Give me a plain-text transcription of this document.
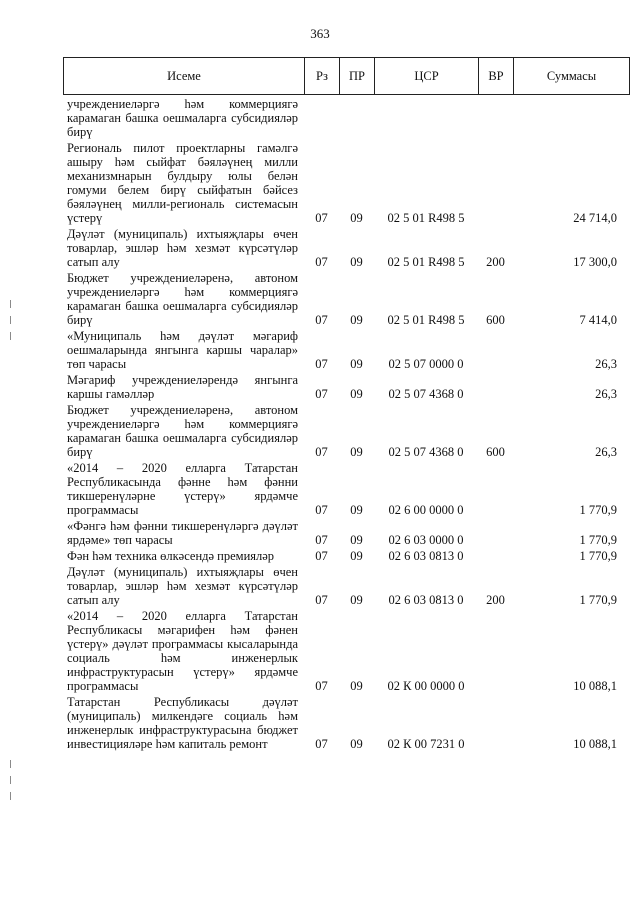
363
Исеме	Рз	ПР	ЦСР	ВР	Суммасы
учреждениеләргә һәм коммерциягә карамаган башка оешмаларга субсидияләр бирү					
Региональ пилот проектларны гамәлгә ашыру һәм сыйфат бәяләүнең милли механизмнарын булдыру юлы белән гомуми белем бирү сыйфатын бәйсез бәяләүнең милли-региональ системасын үстерү	07	09	02 5 01 R498 5		24 714,0
Дәүләт (муниципаль) ихтыяҗлары өчен товарлар, эшләр һәм хезмәт күрсәтүләр сатып алу	07	09	02 5 01 R498 5	200	17 300,0
Бюджет учреждениеләренә, автоном учреждениеләргә һәм коммерциягә карамаган башка оешмаларга субсидияләр бирү	07	09	02 5 01 R498 5	600	7 414,0
«Муниципаль һәм дәүләт мәгариф оешмаларында янгынга каршы чаралар» төп чарасы	07	09	02 5 07 0000 0		26,3
Мәгариф учреждениеләрендә янгынга каршы гамәлләр	07	09	02 5 07 4368 0		26,3
Бюджет учреждениеләренә, автоном учреждениеләргә һәм коммерциягә карамаган башка оешмаларга субсидияләр бирү	07	09	02 5 07 4368 0	600	26,3
«2014 – 2020 елларга Татарстан Республикасында фәнне һәм фәнни тикшеренүләрне үстерү» ярдәмче программасы	07	09	02 6 00 0000 0		1 770,9
«Фәнгә һәм фәнни тикшеренүләргә дәүләт ярдәме» төп чарасы	07	09	02 6 03 0000 0		1 770,9
Фән һәм техника өлкәсендә премияләр	07	09	02 6 03 0813 0		1 770,9
Дәүләт (муниципаль) ихтыяҗлары өчен товарлар, эшләр һәм хезмәт күрсәтүләр сатып алу	07	09	02 6 03 0813 0	200	1 770,9
«2014 – 2020 елларга Татарстан Республикасы мәгарифен һәм фәнен үстерү» дәүләт программасы кысаларында социаль һәм инженерлык инфраструктурасын үстерү» ярдәмче программасы	07	09	02 К 00 0000 0		10 088,1
Татарстан Республикасы дәүләт (муниципаль) милкендәге социаль һәм инженерлык инфраструктурасына бюджет инвестицияләре һәм капиталь ремонт	07	09	02 К 00 7231 0		10 088,1
